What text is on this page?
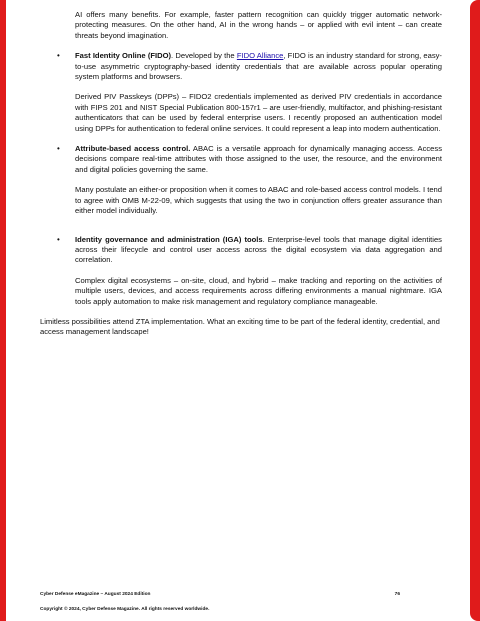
AI offers many benefits. For example, faster pattern recognition can quickly trigger automatic network-protecting measures. On the other hand, AI in the wrong hands – or applied with evil intent – can create threats beyond imagination.

• Fast Identity Online (FIDO). Developed by the FIDO Alliance, FIDO is an industry standard for strong, easy-to-use asymmetric cryptography-based identity credentials that are available across popular operating system platforms and browsers.

Derived PIV Passkeys (DPPs) – FIDO2 credentials implemented as derived PIV credentials in accordance with FIPS 201 and NIST Special Publication 800-157r1 – are user-friendly, multifactor, and phishing-resistant authenticators that can be used by federal enterprise users. I recently proposed an authentication model using DPPs for authentication to federal online services. It could represent a leap into modern authentication.

• Attribute-based access control. ABAC is a versatile approach for dynamically managing access. Access decisions compare real-time attributes with those assigned to the user, the resource, and the environment and digital policies governing the same.

Many postulate an either-or proposition when it comes to ABAC and role-based access control models. I tend to agree with OMB M-22-09, which suggests that using the two in conjunction offers greater assurance than either model individually.

• Identity governance and administration (IGA) tools. Enterprise-level tools that manage digital identities across their lifecycle and control user access across the digital ecosystem via data aggregation and correlation.

Complex digital ecosystems – on-site, cloud, and hybrid – make tracking and reporting on the activities of multiple users, devices, and access requirements across differing environments a manual nightmare. IGA tools apply automation to make risk management and regulatory compliance manageable.

Limitless possibilities attend ZTA implementation. What an exciting time to be part of the federal identity, credential, and access management landscape!

Cyber Defense eMagazine – August 2024 Edition	76
Copyright © 2024, Cyber Defense Magazine. All rights reserved worldwide.
